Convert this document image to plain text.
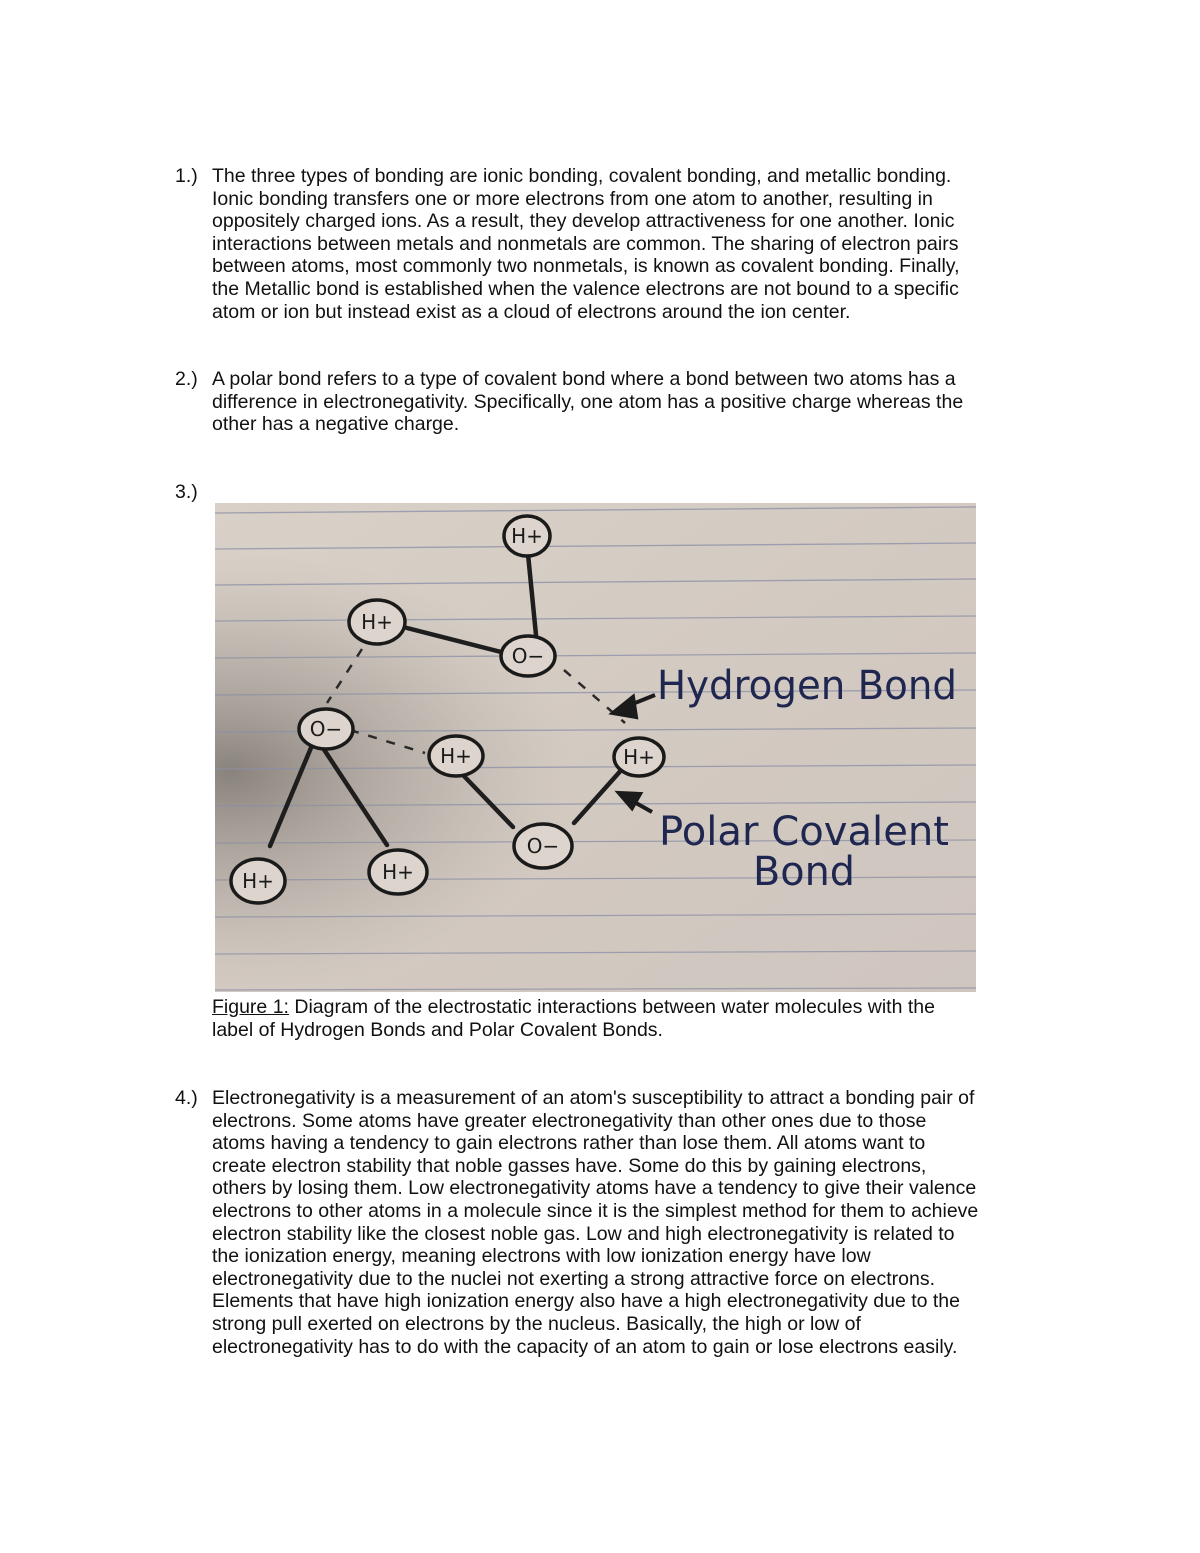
1.) The three types of bonding are ionic bonding, covalent bonding, and metallic bonding.
Ionic bonding transfers one or more electrons from one atom to another, resulting in
oppositely charged ions. As a result, they develop attractiveness for one another. Ionic
interactions between metals and nonmetals are common. The sharing of electron pairs
between atoms, most commonly two nonmetals, is known as covalent bonding. Finally,
the Metallic bond is established when the valence electrons are not bound to a specific
atom or ion but instead exist as a cloud of electrons around the ion center.
2.) A polar bond refers to a type of covalent bond where a bond between two atoms has a
difference in electronegativity. Specifically, one atom has a positive charge whereas the
other has a negative charge.
3.)
H+
H+
O−
O−
H+	H+
O−
H+	H+
Hydrogen Bond
Polar Covalent
Bond
Figure 1: Diagram of the electrostatic interactions between water molecules with the
label of Hydrogen Bonds and Polar Covalent Bonds.
4.) Electronegativity is a measurement of an atom's susceptibility to attract a bonding pair of
electrons. Some atoms have greater electronegativity than other ones due to those
atoms having a tendency to gain electrons rather than lose them. All atoms want to
create electron stability that noble gasses have. Some do this by gaining electrons,
others by losing them. Low electronegativity atoms have a tendency to give their valence
electrons to other atoms in a molecule since it is the simplest method for them to achieve
electron stability like the closest noble gas. Low and high electronegativity is related to
the ionization energy, meaning electrons with low ionization energy have low
electronegativity due to the nuclei not exerting a strong attractive force on electrons.
Elements that have high ionization energy also have a high electronegativity due to the
strong pull exerted on electrons by the nucleus. Basically, the high or low of
electronegativity has to do with the capacity of an atom to gain or lose electrons easily.
